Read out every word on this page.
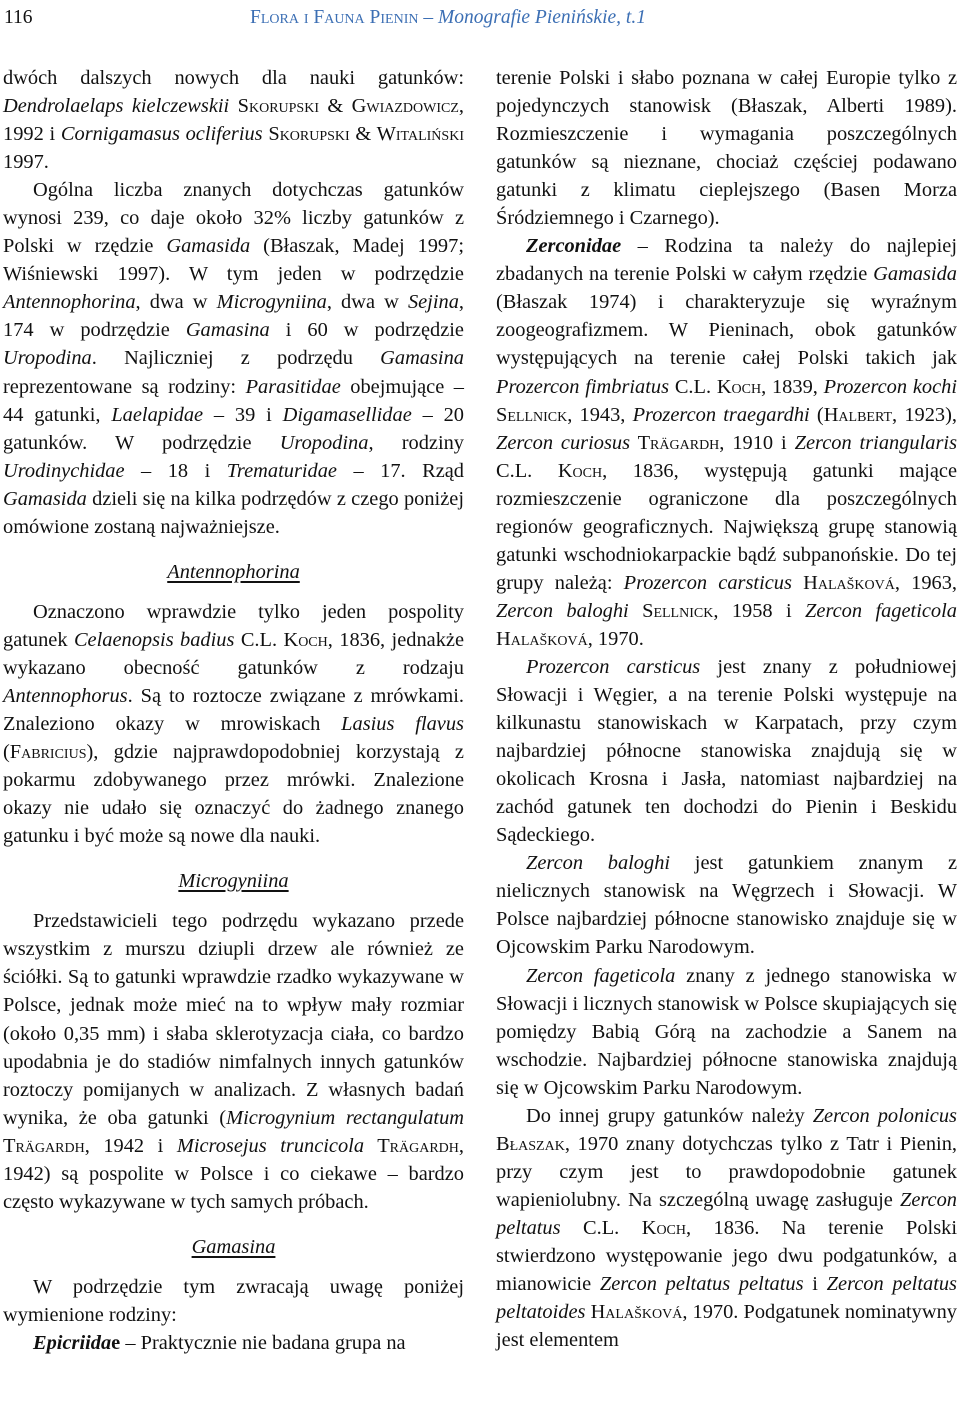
116	Flora i Fauna Pienin – Monografie Pienińskie, t.1

dwóch dalszych nowych dla nauki gatunków: Dendrolaelaps kielczewskii Skorupski & Gwiazdowicz, 1992 i Cornigamasus ocliferius Skorupski & Witaliński 1997.

Ogólna liczba znanych dotychczas gatunków wynosi 239, co daje około 32% liczby gatunków z Polski w rzędzie Gamasida (Błaszak, Madej 1997; Wiśniewski 1997). W tym jeden w podrzędzie Antennophorina, dwa w Microgyniina, dwa w Sejina, 174 w podrzędzie Gamasina i 60 w podrzędzie Uropodina. Najliczniej z podrzędu Gamasina reprezentowane są rodziny: Parasitidae obejmujące – 44 gatunki, Laelapidae – 39 i Digamasellidae – 20 gatunków. W podrzędzie Uropodina, rodziny Urodinychidae – 18 i Trematuridae – 17. Rząd Gamasida dzieli się na kilka podrzędów z czego poniżej omówione zostaną najważniejsze.

Antennophorina

Oznaczono wprawdzie tylko jeden pospolity gatunek Celaenopsis badius C.L. Koch, 1836, jednakże wykazano obecność gatunków z rodzaju Antennophorus. Są to roztocze związane z mrówkami. Znaleziono okazy w mrowiskach Lasius flavus (Fabricius), gdzie najprawdopodobniej korzystają z pokarmu zdobywanego przez mrówki. Znalezione okazy nie udało się oznaczyć do żadnego znanego gatunku i być może są nowe dla nauki.

Microgyniina

Przedstawicieli tego podrzędu wykazano przede wszystkim z murszu dziupli drzew ale również ze ściółki. Są to gatunki wprawdzie rzadko wykazywane w Polsce, jednak może mieć na to wpływ mały rozmiar (około 0,35 mm) i słaba sklerotyzacja ciała, co bardzo upodabnia je do stadiów nimfalnych innych gatunków roztoczy pomijanych w analizach. Z własnych badań wynika, że oba gatunki (Microgynium rectangulatum Trägardh, 1942 i Microsejus truncicola Trägardh, 1942) są pospolite w Polsce i co ciekawe – bardzo często wykazywane w tych samych próbach.

Gamasina

W podrzędzie tym zwracają uwagę poniżej wymienione rodziny:

Epicriidae – Praktycznie nie badana grupa na

terenie Polski i słabo poznana w całej Europie tylko z pojedynczych stanowisk (Błaszak, Alberti 1989). Rozmieszczenie i wymagania poszczególnych gatunków są nieznane, chociaż częściej podawano gatunki z klimatu cieplejszego (Basen Morza Śródziemnego i Czarnego).

Zerconidae – Rodzina ta należy do najlepiej zbadanych na terenie Polski w całym rzędzie Gamasida (Błaszak 1974) i charakteryzuje się wyraźnym zoogeografizmem. W Pieninach, obok gatunków występujących na terenie całej Polski takich jak Prozercon fimbriatus C.L. Koch, 1839, Prozercon kochi Sellnick, 1943, Prozercon traegardhi (Halbert, 1923), Zercon curiosus Trägardh, 1910 i Zercon triangularis C.L. Koch, 1836, występują gatunki mające rozmieszczenie ograniczone dla poszczególnych regionów geograficznych. Największą grupę stanowią gatunki wschodniokarpackie bądź subpanońskie. Do tej grupy należą: Prozercon carsticus Halašková, 1963, Zercon baloghi Sellnick, 1958 i Zercon fageticola Halašková, 1970.

Prozercon carsticus jest znany z południowej Słowacji i Węgier, a na terenie Polski występuje na kilkunastu stanowiskach w Karpatach, przy czym najbardziej północne stanowiska znajdują się w okolicach Krosna i Jasła, natomiast najbardziej na zachód gatunek ten dochodzi do Pienin i Beskidu Sądeckiego.

Zercon baloghi jest gatunkiem znanym z nielicznych stanowisk na Węgrzech i Słowacji. W Polsce najbardziej północne stanowisko znajduje się w Ojcowskim Parku Narodowym.

Zercon fageticola znany z jednego stanowiska w Słowacji i licznych stanowisk w Polsce skupiających się pomiędzy Babią Górą na zachodzie a Sanem na wschodzie. Najbardziej północne stanowiska znajdują się w Ojcowskim Parku Narodowym.

Do innej grupy gatunków należy Zercon polonicus Błaszak, 1970 znany dotychczas tylko z Tatr i Pienin, przy czym jest to prawdopodobnie gatunek wapieniolubny. Na szczególną uwagę zasługuje Zercon peltatus C.L. Koch, 1836. Na terenie Polski stwierdzono występowanie jego dwu podgatunków, a mianowicie Zercon peltatus peltatus i Zercon peltatus peltatoides Halašková, 1970. Podgatunek nominatywny jest elementem
